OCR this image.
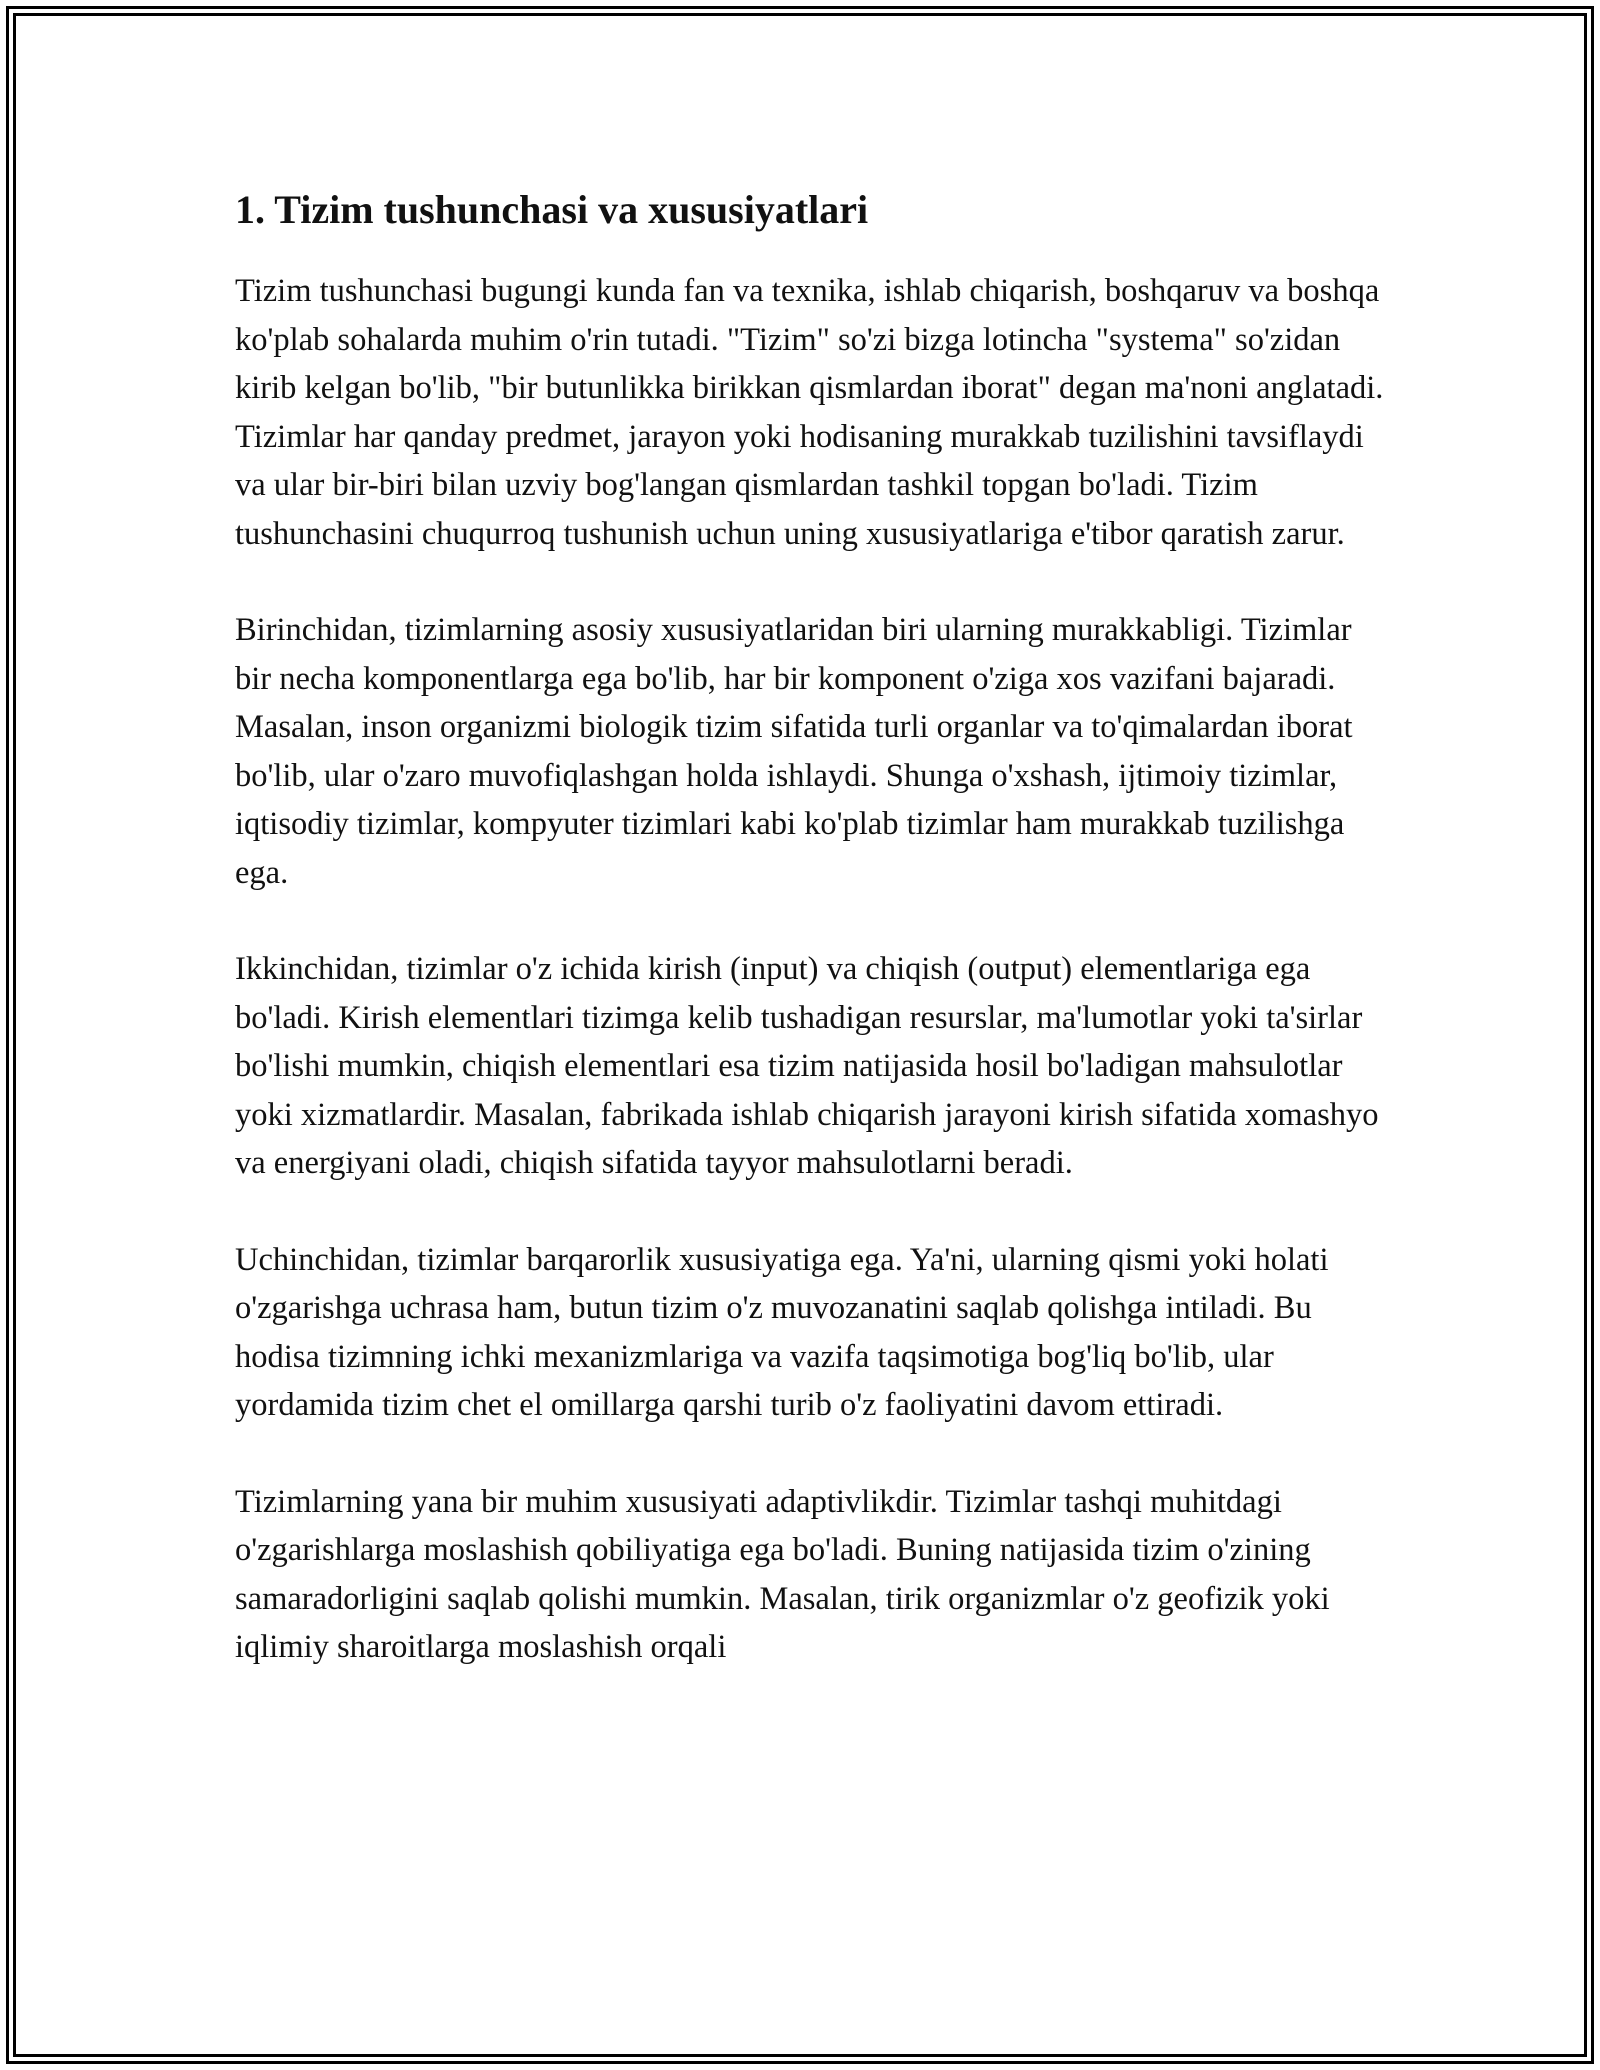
1. Tizim tushunchasi va xususiyatlari

Tizim tushunchasi bugungi kunda fan va texnika, ishlab chiqarish, boshqaruv va boshqa ko'plab sohalarda muhim o'rin tutadi. "Tizim" so'zi bizga lotincha "systema" so'zidan kirib kelgan bo'lib, "bir butunlikka birikkan qismlardan iborat" degan ma'noni anglatadi. Tizimlar har qanday predmet, jarayon yoki hodisaning murakkab tuzilishini tavsiflaydi va ular bir-biri bilan uzviy bog'langan qismlardan tashkil topgan bo'ladi. Tizim tushunchasini chuqurroq tushunish uchun uning xususiyatlariga e'tibor qaratish zarur.

Birinchidan, tizimlarning asosiy xususiyatlaridan biri ularning murakkabligi. Tizimlar bir necha komponentlarga ega bo'lib, har bir komponent o'ziga xos vazifani bajaradi. Masalan, inson organizmi biologik tizim sifatida turli organlar va to'qimalardan iborat bo'lib, ular o'zaro muvofiqlashgan holda ishlaydi. Shunga o'xshash, ijtimoiy tizimlar, iqtisodiy tizimlar, kompyuter tizimlari kabi ko'plab tizimlar ham murakkab tuzilishga ega.

Ikkinchidan, tizimlar o'z ichida kirish (input) va chiqish (output) elementlariga ega bo'ladi. Kirish elementlari tizimga kelib tushadigan resurslar, ma'lumotlar yoki ta'sirlar bo'lishi mumkin, chiqish elementlari esa tizim natijasida hosil bo'ladigan mahsulotlar yoki xizmatlardir. Masalan, fabrikada ishlab chiqarish jarayoni kirish sifatida xomashyo va energiyani oladi, chiqish sifatida tayyor mahsulotlarni beradi.

Uchinchidan, tizimlar barqarorlik xususiyatiga ega. Ya'ni, ularning qismi yoki holati o'zgarishga uchrasa ham, butun tizim o'z muvozanatini saqlab qolishga intiladi. Bu hodisa tizimning ichki mexanizmlariga va vazifa taqsimotiga bog'liq bo'lib, ular yordamida tizim chet el omillarga qarshi turib o'z faoliyatini davom ettiradi.

Tizimlarning yana bir muhim xususiyati adaptivlikdir. Tizimlar tashqi muhitdagi o'zgarishlarga moslashish qobiliyatiga ega bo'ladi. Buning natijasida tizim o'zining samaradorligini saqlab qolishi mumkin. Masalan, tirik organizmlar o'z geofizik yoki iqlimiy sharoitlarga moslashish orqali
